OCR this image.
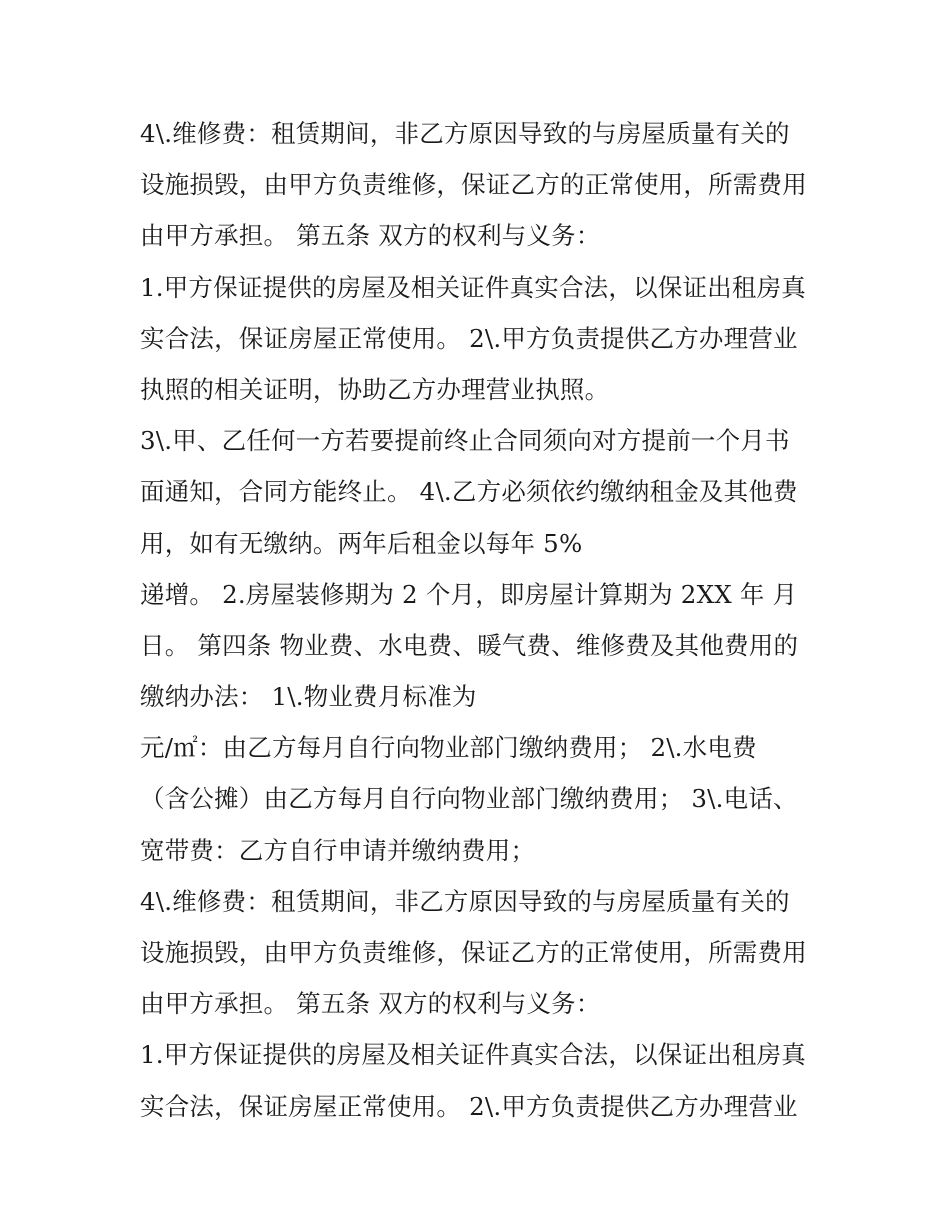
4\.维修费：租赁期间，非乙方原因导致的与房屋质量有关的
设施损毁，由甲方负责维修，保证乙方的正常使用，所需费用
由甲方承担。 第五条 双方的权利与义务：
1.甲方保证提供的房屋及相关证件真实合法，以保证出租房真
实合法，保证房屋正常使用。 2\.甲方负责提供乙方办理营业
执照的相关证明，协助乙方办理营业执照。
3\.甲、乙任何一方若要提前终止合同须向对方提前一个月书
面通知，合同方能终止。 4\.乙方必须依约缴纳租金及其他费
用，如有无缴纳。两年后租金以每年 5%
递增。 2.房屋装修期为 2 个月，即房屋计算期为 2XX 年 月
日。 第四条 物业费、水电费、暖气费、维修费及其他费用的
缴纳办法： 1\.物业费月标准为
元/㎡：由乙方每月自行向物业部门缴纳费用； 2\.水电费
（含公摊）由乙方每月自行向物业部门缴纳费用； 3\.电话、
宽带费：乙方自行申请并缴纳费用；
4\.维修费：租赁期间，非乙方原因导致的与房屋质量有关的
设施损毁，由甲方负责维修，保证乙方的正常使用，所需费用
由甲方承担。 第五条 双方的权利与义务：
1.甲方保证提供的房屋及相关证件真实合法，以保证出租房真
实合法，保证房屋正常使用。 2\.甲方负责提供乙方办理营业
